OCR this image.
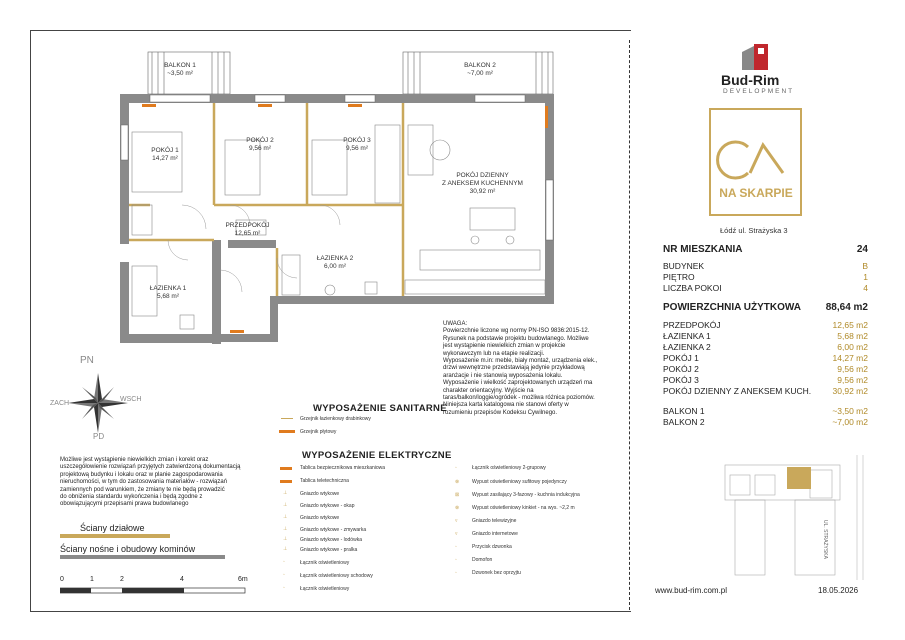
BALKON 1
~3,50 m²
BALKON 2
~7,00 m²
POKÓJ 1
14,27 m²
POKÓJ 2
9,56 m²
POKÓJ 3
9,56 m²
POKÓJ DZIENNY
Z ANEKSEM KUCHENNYM
30,92 m²
PRZEDPOKÓJ
12,65 m²
ŁAZIENKA 1
5,68 m²
ŁAZIENKA 2
6,00 m²
PN
PD
ZACH
WSCH
UWAGA:
Powierzchnie liczone wg normy PN-ISO 9836:2015-12.
Rysunek na podstawie projektu budowlanego. Możliwe
jest wystąpienie niewielkich zmian w projekcie
wykonawczym lub na etapie realizacji.
Wyposażenie m.in: meble, biały montaż, urządzenia elek.,
drzwi wewnętrzne przedstawiają jedynie przykładową
aranżacje i nie stanowią wyposażenia lokalu.
Wyposażenie i wielkość zaprojektowanych urządzeń ma
charakter orientacyjny. Wyjście na
taras/balkon/loggie/ogródek - możliwa różnica poziomów.
Niniejsza karta katalogowa nie stanowi oferty w
rozumieniu przepisów Kodeksu Cywilnego.
Możliwe jest wystąpienie niewielkich zmian i korekt oraz
uszczegółowienie rozwiązań przyjętych zatwierdzoną dokumentacją
projektową budynku i lokalu oraz w planie zagospodarowania
nieruchomości, w tym do zastosowania materiałów - rozwiązań
zamiennych pod warunkiem, że zmiany te nie będą prowadzić
do obniżenia standardu wykończenia i będą zgodne z
obowiązującymi przepisami prawa budowlanego
Ściany działowe
Ściany nośne i obudowy kominów
0	1	2	4	6m
WYPOSAŻENIE SANITARNE
Grzejnik łazienkowy drabinkowy
Grzejnik płytowy
WYPOSAŻENIE ELEKTRYCZNE
Tablica bezpiecznikowa mieszkaniowa
Tablica teletechniczna
⊥	Gniazdo wtykowe
⊥	Gniazdo wtykowe - okap
⊥	Gniazdo wtykowe
⊥	Gniazdo wtykowe - zmywarka
⊥	Gniazdo wtykowe - lodówka
⊥	Gniazdo wtykowe - pralka
◦	Łącznik oświetleniowy
◦	Łącznik oświetleniowy schodowy
◦	Łącznik oświetleniowy
◦	Łącznik oświetleniowy 2-grupowy
⊗	Wypust oświetleniowy sufitowy pojedynczy
⊠	Wypust zasilający 3-fazowy - kuchnia indukcyjna
⊗	Wypust oświetleniowy kinkiet - na wys. ~2,2 m
▿	Gniazdo telewizyjne
▿	Gniazdo internetowe
◦	Przycisk dzwonka
◦	Domofon
◦	Dzwonek bez oprzyjtu
Bud-Rim
DEVELOPMENT
NA SKARPIE
Łódź ul. Strażyska 3
NR MIESZKANIA	24
BUDYNEK	B
PIĘTRO	1
LICZBA POKOI	4
POWIERZCHNIA UŻYTKOWA 88,64 m2
PRZEDPOKÓJ	12,65 m2
ŁAZIENKA 1	5,68 m2
ŁAZIENKA 2	6,00 m2
POKÓJ 1	14,27 m2
POKÓJ 2	9,56 m2
POKÓJ 3	9,56 m2
POKÓJ DZIENNY Z ANEKSEM KUCH.	30,92 m2
BALKON 1	~3,50 m2
BALKON 2	~7,00 m2
UL. STRAŻYSKA
www.bud-rim.com.pl	18.05.2026
